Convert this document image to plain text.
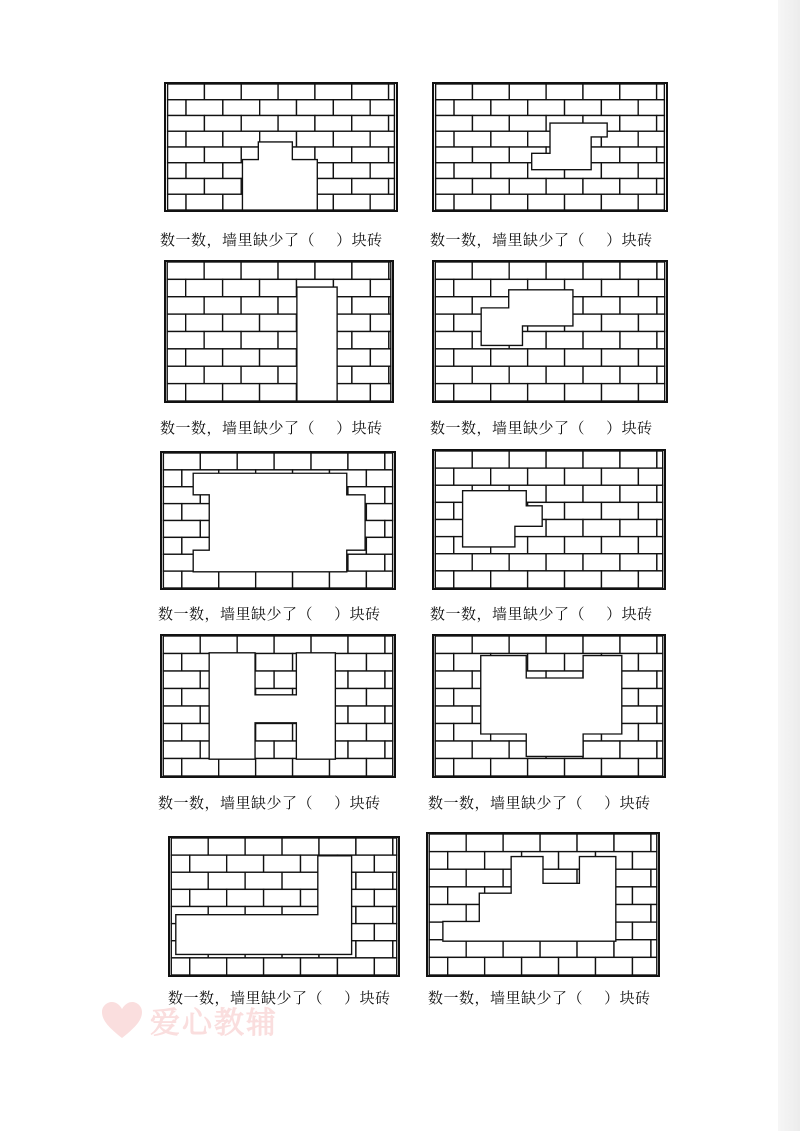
数一数，墙里缺少了（    ）块砖	数一数，墙里缺少了（    ）块砖
数一数，墙里缺少了（    ）块砖	数一数，墙里缺少了（    ）块砖
数一数，墙里缺少了（    ）块砖	数一数，墙里缺少了（    ）块砖
数一数，墙里缺少了（    ）块砖	数一数，墙里缺少了（    ）块砖
数一数，墙里缺少了（    ）块砖 数一数，墙里缺少了（    ）块砖
爱心教辅
